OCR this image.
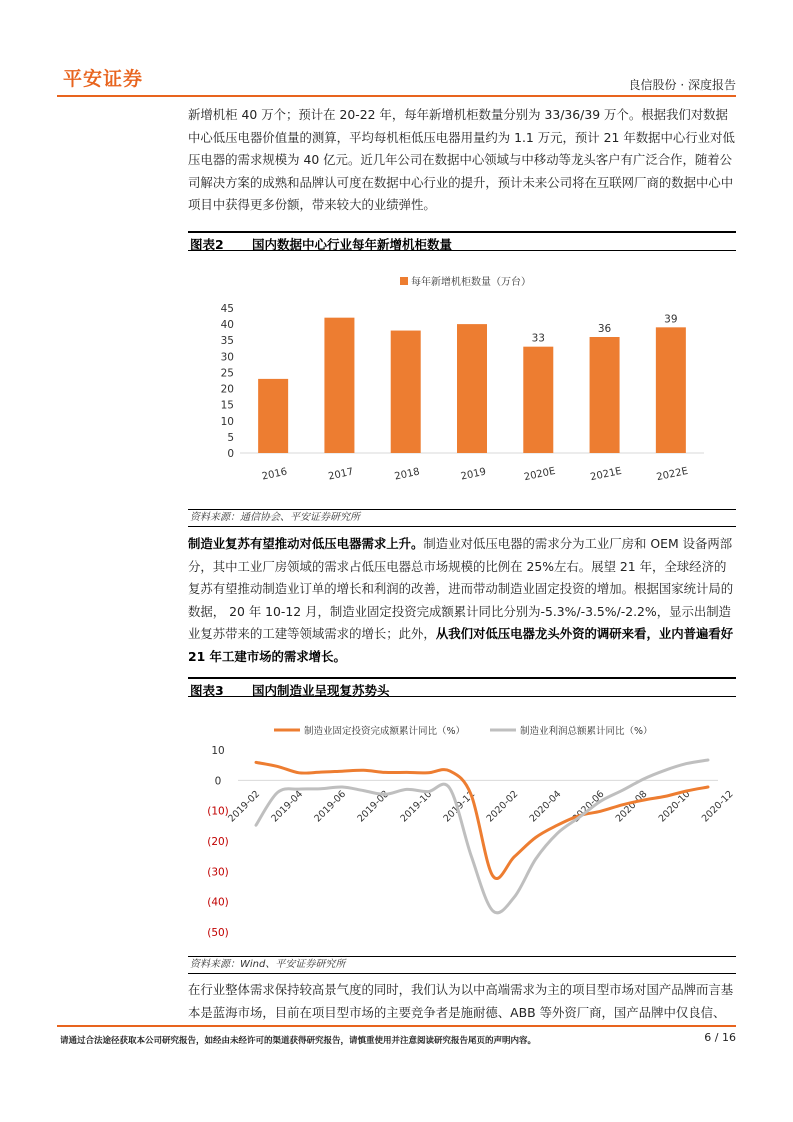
平安证券	良信股份 · 深度报告

新增机柜 40 万个；预计在 20-22 年，每年新增机柜数量分别为 33/36/39 万个。根据我们对数据中心低压电器价值量的测算，平均每机柜低压电器用量约为 1.1 万元，预计 21 年数据中心行业对低压电器的需求规模为 40 亿元。近几年公司在数据中心领域与中移动等龙头客户有广泛合作，随着公司解决方案的成熟和品牌认可度在数据中心行业的提升，预计未来公司将在互联网厂商的数据中心中项目中获得更多份额，带来较大的业绩弹性。

图表2 国内数据中心行业每年新增机柜数量
0
5
10
15
20
25
30
35
40
45
2016	2017	2018	2019	2020E	2021E	2022E
33
36
39
每年新增机柜数量（万台）
资料来源：通信协会、平安证券研究所

制造业复苏有望推动对低压电器需求上升。制造业对低压电器的需求分为工业厂房和 OEM 设备两部分，其中工业厂房领域的需求占低压电器总市场规模的比例在 25%左右。展望 21 年，全球经济的复苏有望推动制造业订单的增长和利润的改善，进而带动制造业固定投资的增加。根据国家统计局的数据， 20 年 10-12 月，制造业固定投资完成额累计同比分别为-5.3%/-3.5%/-2.2%，显示出制造业复苏带来的工建等领域需求的增长；此外，从我们对低压电器龙头外资的调研来看，业内普遍看好 21 年工建市场的需求增长。

图表3 国内制造业呈现复苏势头
制造业固定投资完成额累计同比（%）	制造业利润总额累计同比（%）
10
0
(10)
(20)
(30)
(40)
(50)
2019-02 2019-04 2019-06 2019-08 2019-10 2019-12 2020-02 2020-04 2020-06 2020-08 2020-10 2020-12
资料来源：Wind、平安证券研究所

在行业整体需求保持较高景气度的同时，我们认为以中高端需求为主的项目型市场对国产品牌而言基本是蓝海市场，目前在项目型市场的主要竞争者是施耐德、ABB 等外资厂商，国产品牌中仅良信、

请通过合法途径获取本公司研究报告，如经由未经许可的渠道获得研究报告，请慎重使用并注意阅读研究报告尾页的声明内容。	6 / 16
